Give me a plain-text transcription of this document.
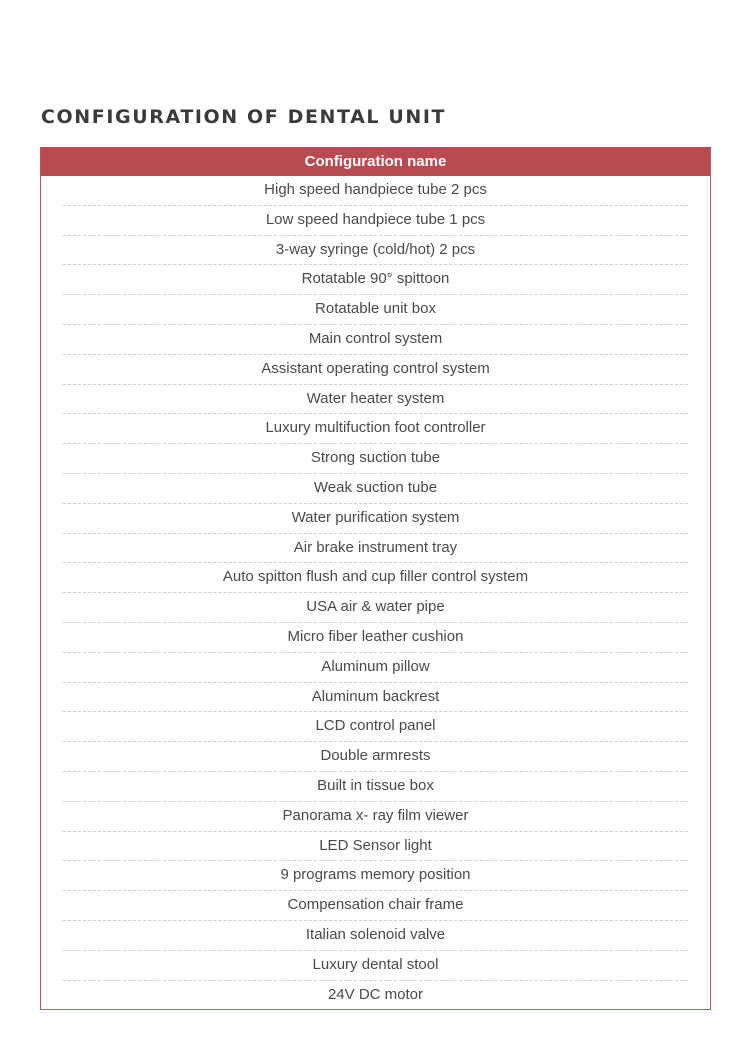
CONFIGURATION OF DENTAL UNIT
Configuration name
High speed handpiece tube 2 pcs
Low speed handpiece tube 1 pcs
3-way syringe (cold/hot) 2 pcs
Rotatable 90° spittoon
Rotatable unit box
Main control system
Assistant operating control system
Water heater system
Luxury multifuction foot controller
Strong suction tube
Weak suction tube
Water purification system
Air brake instrument tray
Auto spitton flush and cup filler control system
USA air & water pipe
Micro fiber leather cushion
Aluminum pillow
Aluminum backrest
LCD control panel
Double armrests
Built in tissue box
Panorama x- ray film viewer
LED Sensor light
9 programs memory position
Compensation chair frame
Italian solenoid valve
Luxury dental stool
24V DC motor
